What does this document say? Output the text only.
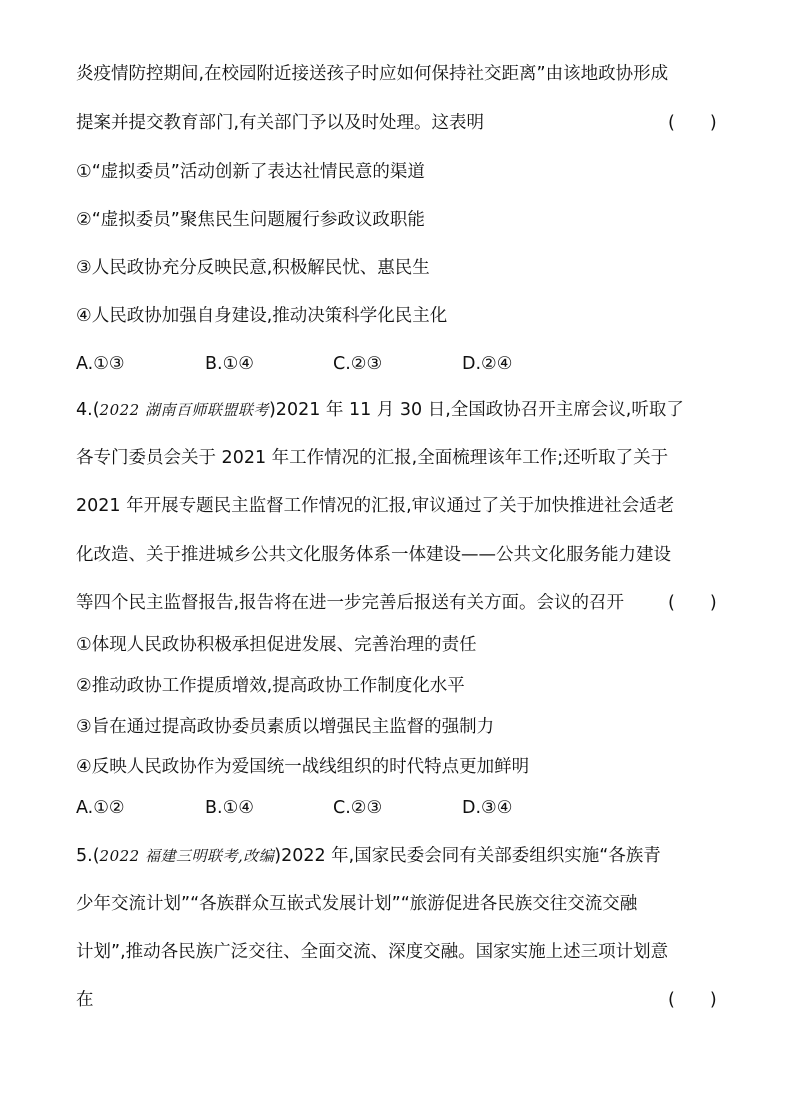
炎疫情防控期间,在校园附近接送孩子时应如何保持社交距离”由该地政协形成
提案并提交教育部门,有关部门予以及时处理。这表明	(　　)
①“虚拟委员”活动创新了表达社情民意的渠道
②“虚拟委员”聚焦民生问题履行参政议政职能
③人民政协充分反映民意,积极解民忧、惠民生
④人民政协加强自身建设,推动决策科学化民主化
A.①③	B.①④	C.②③	D.②④
4.(2022 湖南百师联盟联考)2021 年 11 月 30 日,全国政协召开主席会议,听取了
各专门委员会关于 2021 年工作情况的汇报,全面梳理该年工作;还听取了关于
2021 年开展专题民主监督工作情况的汇报,审议通过了关于加快推进社会适老
化改造、关于推进城乡公共文化服务体系一体建设——公共文化服务能力建设
等四个民主监督报告,报告将在进一步完善后报送有关方面。会议的召开	(　　)
①体现人民政协积极承担促进发展、完善治理的责任
②推动政协工作提质增效,提高政协工作制度化水平
③旨在通过提高政协委员素质以增强民主监督的强制力
④反映人民政协作为爱国统一战线组织的时代特点更加鲜明
A.①②	B.①④	C.②③	D.③④
5.(2022 福建三明联考,改编)2022 年,国家民委会同有关部委组织实施“各族青
少年交流计划”“各族群众互嵌式发展计划”“旅游促进各民族交往交流交融
计划”,推动各民族广泛交往、全面交流、深度交融。国家实施上述三项计划意
在	(　　)
